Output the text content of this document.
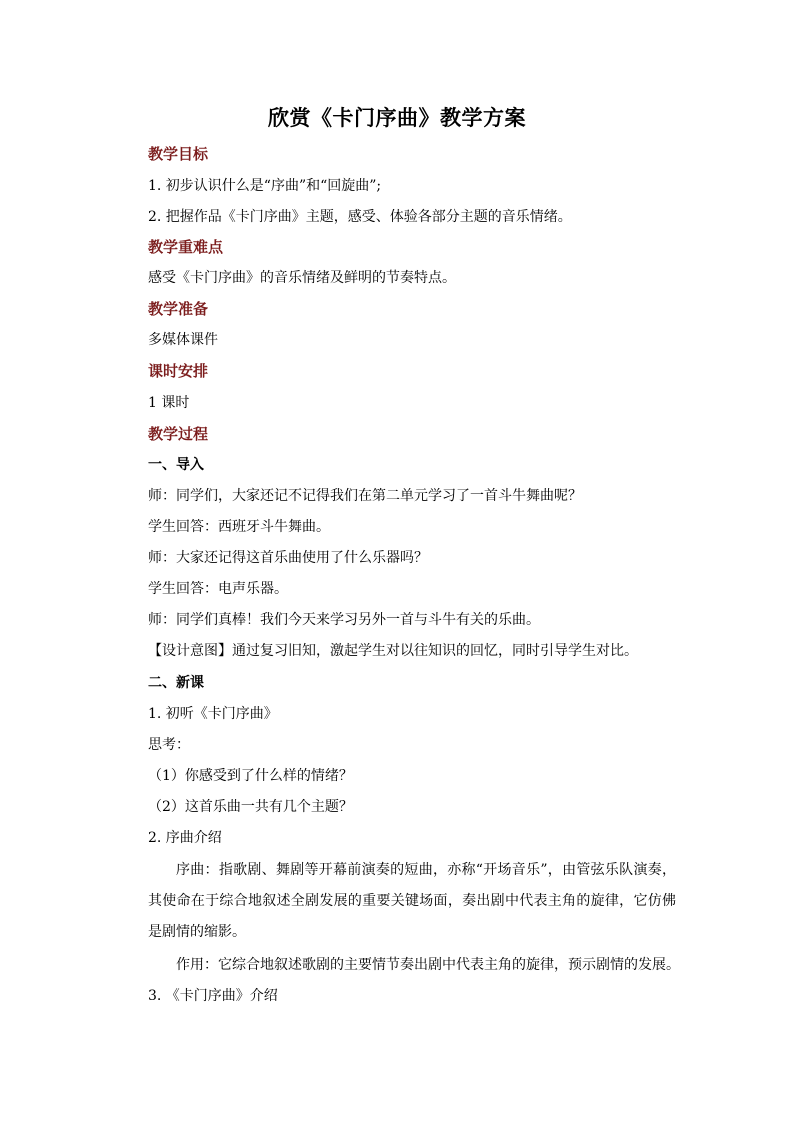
欣赏《卡门序曲》教学方案
教学目标
1. 初步认识什么是“序曲”和“回旋曲”;
2. 把握作品《卡门序曲》主题，感受、体验各部分主题的音乐情绪。
教学重难点
感受《卡门序曲》的音乐情绪及鲜明的节奏特点。
教学准备
多媒体课件
课时安排
1 课时
教学过程
一、导入
师：同学们，大家还记不记得我们在第二单元学习了一首斗牛舞曲呢？
学生回答：西班牙斗牛舞曲。
师：大家还记得这首乐曲使用了什么乐器吗？
学生回答：电声乐器。
师：同学们真棒！我们今天来学习另外一首与斗牛有关的乐曲。
【设计意图】通过复习旧知，激起学生对以往知识的回忆，同时引导学生对比。
二、新课
1. 初听《卡门序曲》
思考：
（1）你感受到了什么样的情绪？
（2）这首乐曲一共有几个主题？
2. 序曲介绍
序曲：指歌剧、舞剧等开幕前演奏的短曲，亦称“开场音乐”，由管弦乐队演奏，其使命在于综合地叙述全剧发展的重要关键场面，奏出剧中代表主角的旋律，它仿佛是剧情的缩影。
作用：它综合地叙述歌剧的主要情节奏出剧中代表主角的旋律，预示剧情的发展。
3. 《卡门序曲》介绍
